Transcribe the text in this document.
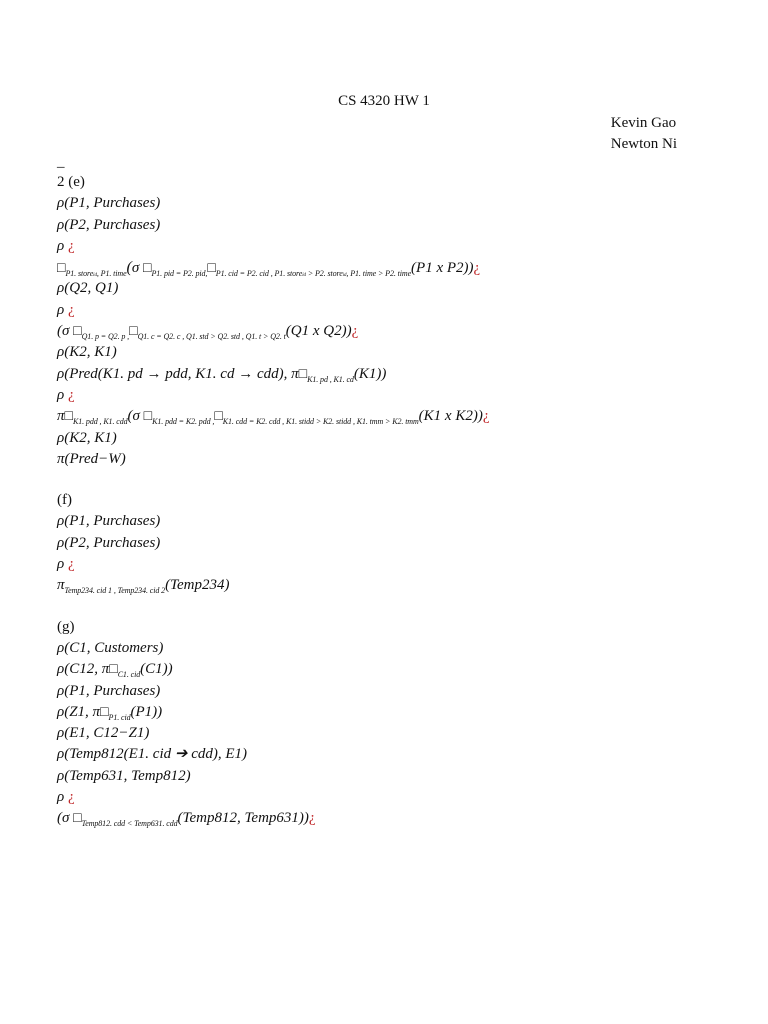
CS 4320 HW 1
Kevin Gao
Newton Ni
_
2 (e)
ρ(P1, Purchases)
ρ(P2, Purchases)
ρ ¿
$□_{P1. storeid, P1. time}(\sigma$ $□_{P1. pid = P2. pid,}□_{P1. cid = P2. cid , P1. storeid > P2. storeid, P1. time > P2. time}(P1$ x P2))¿
ρ(Q2, Q1)
ρ ¿
(σ $□_{Q1. p = Q2. p ,}□_{Q1. c = Q2. c , Q1. std > Q2. std , Q1. t > Q2. t}(Q1$ x Q2))¿
ρ(K2, K1)
ρ(Pred(K1. pd → pdd, K1. cd → cdd), $\pi□_{K1. pd , K1. cd}(K1)$)
ρ ¿
$\pi□_{K1. pdd , K1. cdd}(\sigma$ $□_{K1. pdd = K2. pdd ,}□_{K1. cdd = K2. cdd , K1. stidd > K2. stidd , K1. tmm > K2. tmm}(K1$ x K2))¿
ρ(K2, K1)
π(Pred−W)
(f)
ρ(P1, Purchases)
ρ(P2, Purchases)
ρ ¿
$\pi_{Temp234. cid 1 , Temp234. cid 2}(Temp234)$
(g)
ρ(C1, Customers)
ρ(C12, $\pi□_{C1. cid}(C1)$)
ρ(P1, Purchases)
ρ(Z1, $\pi□_{P1. cid}(P1)$)
ρ(E1, C12−Z1)
ρ(Temp812(E1. cid ➔ cdd), E1)
ρ(Temp631, Temp812)
ρ ¿
(σ $□_{Temp812. cdd < Temp631. cdd}(Temp812$, Temp631))¿
